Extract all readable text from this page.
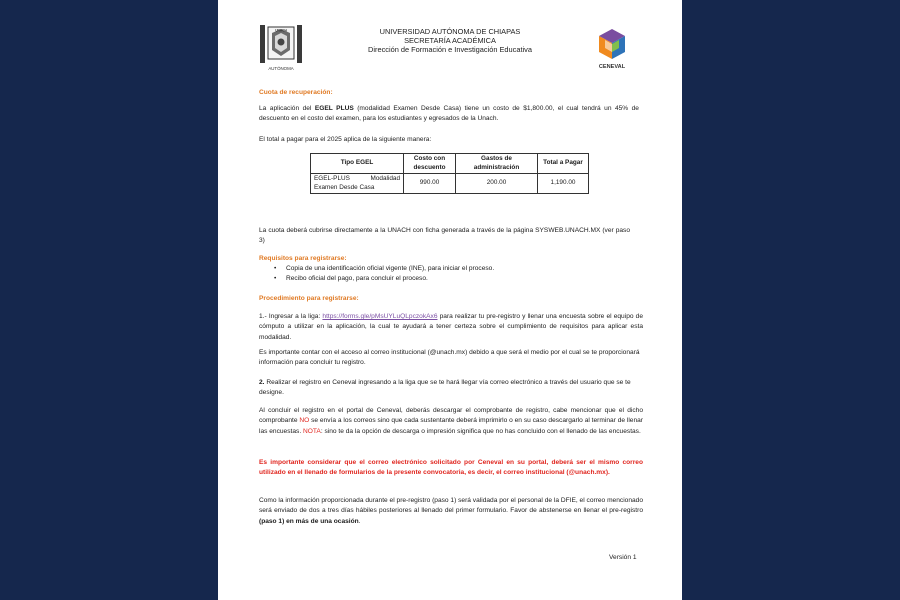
AUTÓNOMA
UNACH	UNIVERSIDAD AUTÓNOMA DE CHIAPAS
SECRETARÍA ACADÉMICA
Dirección de Formación e Investigación Educativa
CENEVAL
Cuota de recuperación:
La aplicación del EGEL PLUS (modalidad Examen Desde Casa) tiene un costo de $1,800.00, el cual tendrá un 45% de descuento en el costo del examen, para los estudiantes y egresados de la Unach.
El total a pagar para el 2025 aplica de la siguiente manera:
Tipo EGEL	Costo con descuento	Gastos de administración	Total a Pagar
EGEL-PLUS Modalidad Examen Desde Casa	990.00	200.00	1,190.00
La cuota deberá cubrirse directamente a la UNACH con ficha generada a través de la página SYSWEB.UNACH.MX (ver paso 3)
Requisitos para registrarse:
• Copia de una identificación oficial vigente (INE), para iniciar el proceso.
• Recibo oficial del pago, para concluir el proceso.
Procedimiento para registrarse:
1.- Ingresar a la liga: https://forms.gle/pMsUYLuQLpczokAx6 para realizar tu pre-registro y llenar una encuesta sobre el equipo de cómputo a utilizar en la aplicación, la cual te ayudará a tener certeza sobre el cumplimiento de requisitos para aplicar esta modalidad.
Es importante contar con el acceso al correo institucional (@unach.mx) debido a que será el medio por el cual se te proporcionará información para concluir tu registro.
2. Realizar el registro en Ceneval ingresando a la liga que se te hará llegar vía correo electrónico a través del usuario que se te designe.
Al concluir el registro en el portal de Ceneval, deberás descargar el comprobante de registro, cabe mencionar que el dicho comprobante NO se envía a los correos sino que cada sustentante deberá imprimirlo o en su caso descargarlo al terminar de llenar las encuestas. NOTA: sino te da la opción de descarga o impresión significa que no has concluido con el llenado de las encuestas.
Es importante considerar que el correo electrónico solicitado por Ceneval en su portal, deberá ser el mismo correo utilizado en el llenado de formularios de la presente convocatoria, es decir, el correo institucional (@unach.mx).
Como la información proporcionada durante el pre-registro (paso 1) será validada por el personal de la DFIE, el correo mencionado será enviado de dos a tres días hábiles posteriores al llenado del primer formulario. Favor de abstenerse en llenar el pre-registro (paso 1) en más de una ocasión.
Versión 1
